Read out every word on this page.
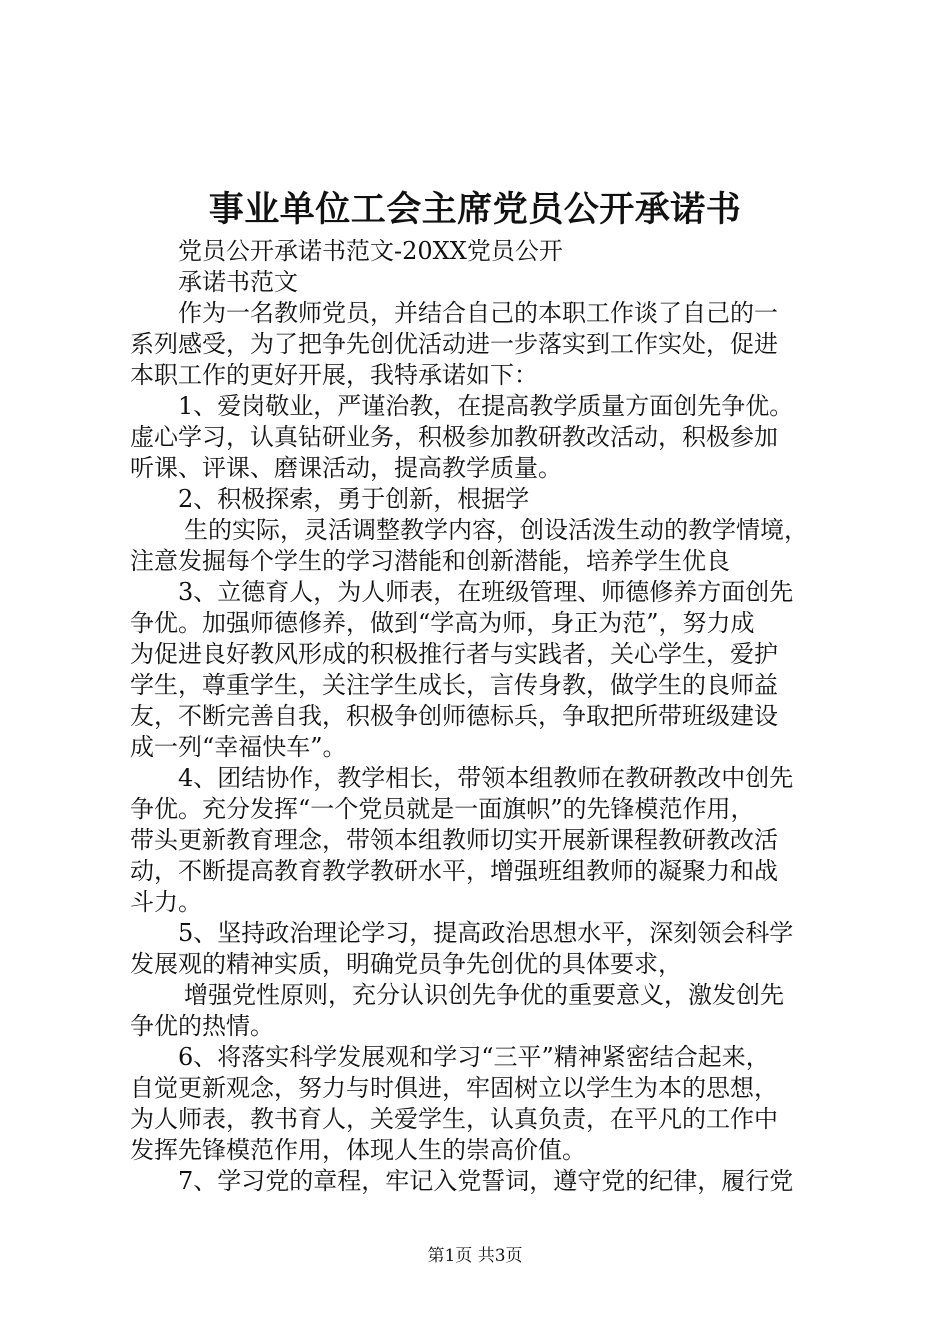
事业单位工会主席党员公开承诺书
党员公开承诺书范文-20XX党员公开
承诺书范文
作为一名教师党员，并结合自己的本职工作谈了自己的一
系列感受，为了把争先创优活动进一步落实到工作实处，促进
本职工作的更好开展，我特承诺如下：
1、爱岗敬业，严谨治教，在提高教学质量方面创先争优。
虚心学习，认真钻研业务，积极参加教研教改活动，积极参加
听课、评课、磨课活动，提高教学质量。
2、积极探索，勇于创新，根据学
生的实际，灵活调整教学内容，创设活泼生动的教学情境，
注意发掘每个学生的学习潜能和创新潜能，培养学生优良
3、立德育人，为人师表，在班级管理、师德修养方面创先
争优。加强师德修养，做到“学高为师，身正为范”，努力成
为促进良好教风形成的积极推行者与实践者，关心学生，爱护
学生，尊重学生，关注学生成长，言传身教，做学生的良师益
友，不断完善自我，积极争创师德标兵，争取把所带班级建设
成一列“幸福快车”。
4、团结协作，教学相长，带领本组教师在教研教改中创先
争优。充分发挥“一个党员就是一面旗帜”的先锋模范作用，
带头更新教育理念，带领本组教师切实开展新课程教研教改活
动，不断提高教育教学教研水平，增强班组教师的凝聚力和战
斗力。
5、坚持政治理论学习，提高政治思想水平，深刻领会科学
发展观的精神实质，明确党员争先创优的具体要求，
增强党性原则，充分认识创先争优的重要意义，激发创先
争优的热情。
6、将落实科学发展观和学习“三平”精神紧密结合起来，
自觉更新观念，努力与时俱进，牢固树立以学生为本的思想，
为人师表，教书育人，关爱学生，认真负责，在平凡的工作中
发挥先锋模范作用，体现人生的崇高价值。
7、学习党的章程，牢记入党誓词，遵守党的纪律，履行党
第1页 共3页
